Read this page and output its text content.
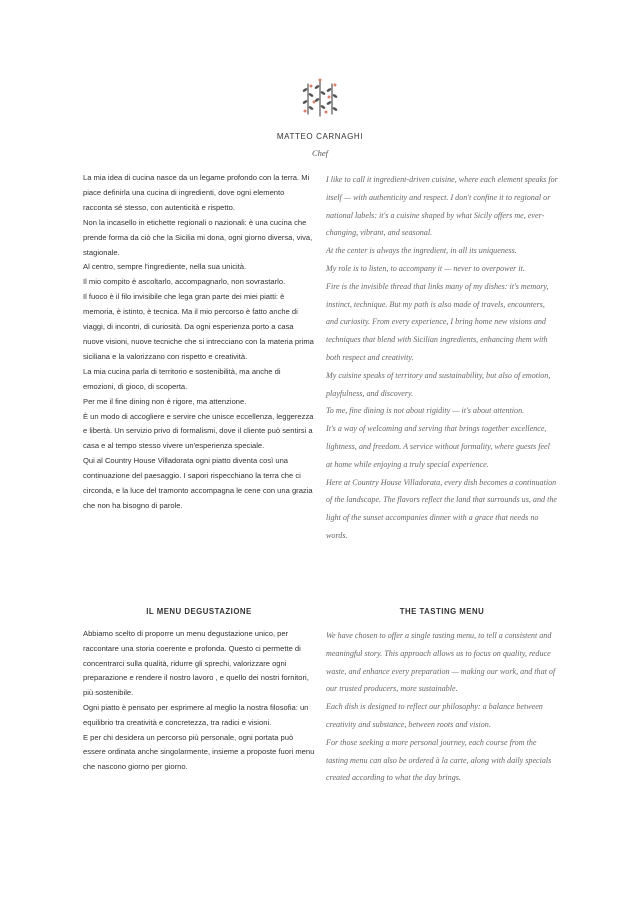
MATTEO CARNAGHI

Chef

La mia idea di cucina nasce da un legame profondo con la terra. Mi piace definirla una cucina di ingredienti, dove ogni elemento racconta sé stesso, con autenticità e rispetto.

Non la incasello in etichette regionali o nazionali: è una cucina che prende forma da ciò che la Sicilia mi dona, ogni giorno diversa, viva, stagionale.

Al centro, sempre l'ingrediente, nella sua unicità.

Il mio compito è ascoltarlo, accompagnarlo, non sovrastarlo.

Il fuoco è il filo invisibile che lega gran parte dei miei piatti: è memoria, è istinto, è tecnica. Ma il mio percorso è fatto anche di viaggi, di incontri, di curiosità. Da ogni esperienza porto a casa nuove visioni, nuove tecniche che si intrecciano con la materia prima siciliana e la valorizzano con rispetto e creatività.

La mia cucina parla di territorio e sostenibilità, ma anche di emozioni, di gioco, di scoperta.

Per me il fine dining non è rigore, ma attenzione.

È un modo di accogliere e servire che unisce eccellenza, leggerezza e libertà. Un servizio privo di formalismi, dove il cliente può sentirsi a casa e al tempo stesso vivere un'esperienza speciale.

Qui al Country House Villadorata ogni piatto diventa così una continuazione del paesaggio. I sapori rispecchiano la terra che ci circonda, e la luce del tramonto accompagna le cene con una grazia che non ha bisogno di parole.

I like to call it ingredient-driven cuisine, where each element speaks for itself — with authenticity and respect. I don't confine it to regional or national labels: it's a cuisine shaped by what Sicily offers me, ever-changing, vibrant, and seasonal.

At the center is always the ingredient, in all its uniqueness.

My role is to listen, to accompany it — never to overpower it.

Fire is the invisible thread that links many of my dishes: it's memory, instinct, technique. But my path is also made of travels, encounters, and curiosity. From every experience, I bring home new visions and techniques that blend with Sicilian ingredients, enhancing them with both respect and creativity.

My cuisine speaks of territory and sustainability, but also of emotion, playfulness, and discovery.

To me, fine dining is not about rigidity — it's about attention.

It's a way of welcoming and serving that brings together excellence, lightness, and freedom. A service without formality, where guests feel at home while enjoying a truly special experience.

Here at Country House Villadorata, every dish becomes a continuation of the landscape. The flavors reflect the land that surrounds us, and the light of the sunset accompanies dinner with a grace that needs no words.

IL MENU DEGUSTAZIONE	THE TASTING MENU

Abbiamo scelto di proporre un menu degustazione unico, per raccontare una storia coerente e profonda. Questo ci permette di concentrarci sulla qualità, ridurre gli sprechi, valorizzare ogni preparazione e rendere il nostro lavoro , e quello dei nostri fornitori, più sostenibile.

Ogni piatto è pensato per esprimere al meglio la nostra filosofia: un equilibrio tra creatività e concretezza, tra radici e visioni.

E per chi desidera un percorso più personale, ogni portata può essere ordinata anche singolarmente, insieme a proposte fuori menu che nascono giorno per giorno.

We have chosen to offer a single tasting menu, to tell a consistent and meaningful story. This approach allows us to focus on quality, reduce waste, and enhance every preparation — making our work, and that of our trusted producers, more sustainable.

Each dish is designed to reflect our philosophy: a balance between creativity and substance, between roots and vision.

For those seeking a more personal journey, each course from the tasting menu can also be ordered à la carte, along with daily specials created according to what the day brings.
